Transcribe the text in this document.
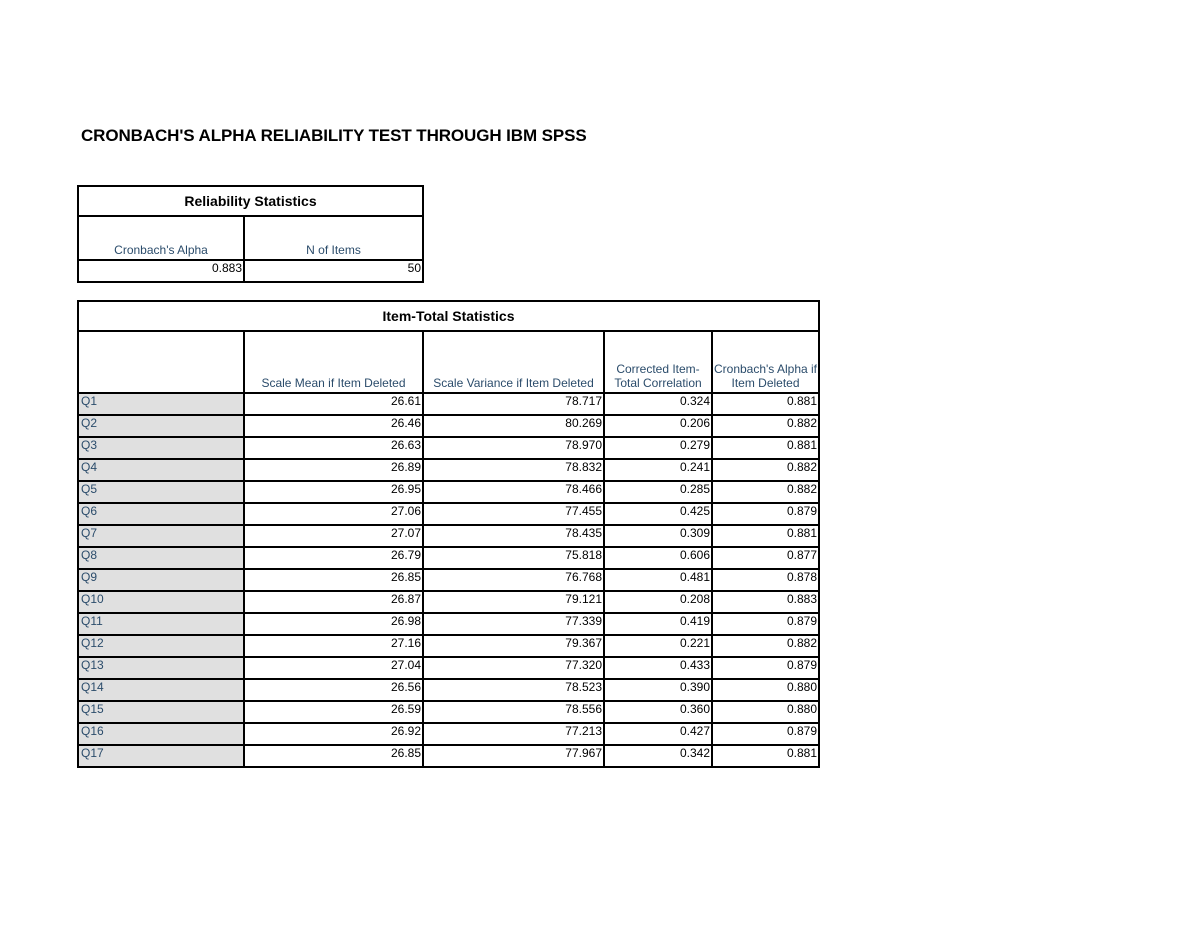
CRONBACH'S ALPHA RELIABILITY TEST THROUGH IBM SPSS
Reliability Statistics	
Cronbach's Alpha	N of Items
0.883	50
Item-Total Statistics				
	Scale Mean if Item Deleted	Scale Variance if Item Deleted	Corrected Item-Total Correlation	Cronbach's Alpha if Item Deleted
Q1	26.61	78.717	0.324	0.881
Q2	26.46	80.269	0.206	0.882
Q3	26.63	78.970	0.279	0.881
Q4	26.89	78.832	0.241	0.882
Q5	26.95	78.466	0.285	0.882
Q6	27.06	77.455	0.425	0.879
Q7	27.07	78.435	0.309	0.881
Q8	26.79	75.818	0.606	0.877
Q9	26.85	76.768	0.481	0.878
Q10	26.87	79.121	0.208	0.883
Q11	26.98	77.339	0.419	0.879
Q12	27.16	79.367	0.221	0.882
Q13	27.04	77.320	0.433	0.879
Q14	26.56	78.523	0.390	0.880
Q15	26.59	78.556	0.360	0.880
Q16	26.92	77.213	0.427	0.879
Q17	26.85	77.967	0.342	0.881
